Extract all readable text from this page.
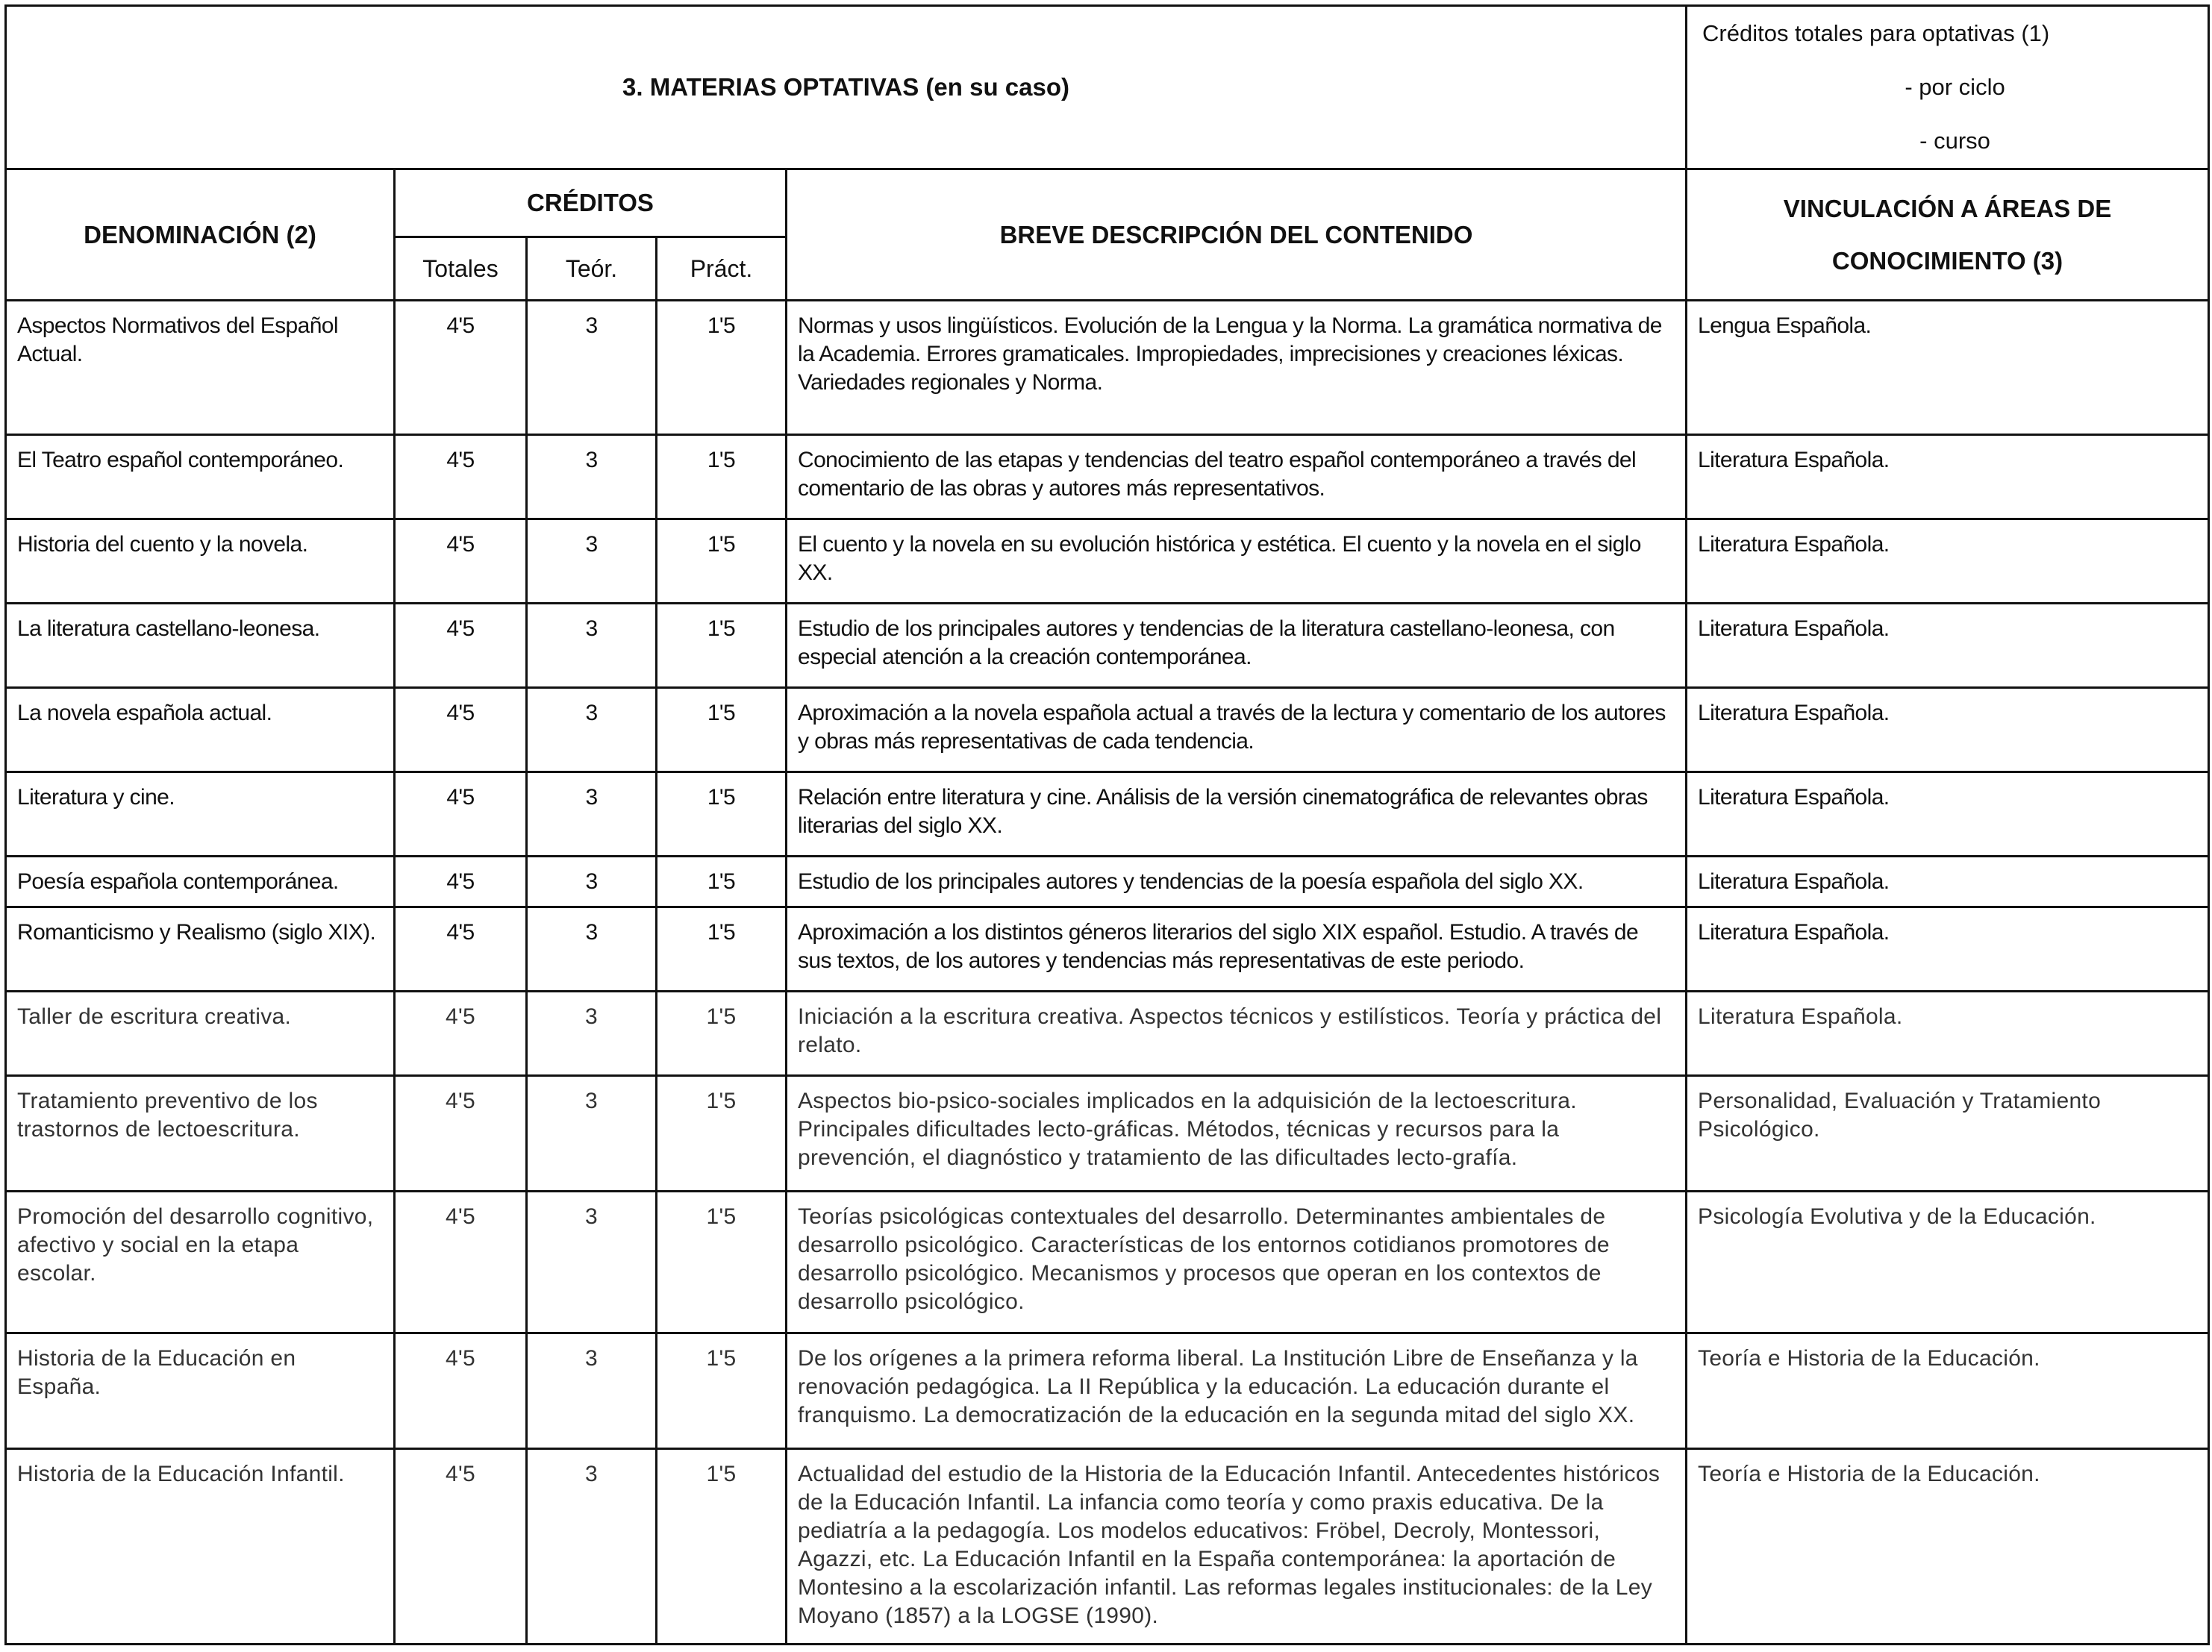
3. MATERIAS OPTATIVAS (en su caso)					Créditos totales para optativas (1)
- por ciclo
- curso

DENOMINACIÓN (2)	CRÉDITOS			BREVE DESCRIPCIÓN DEL CONTENIDO	VINCULACIÓN A ÁREAS DE
CONOCIMIENTO (3)

	Totales	Teór.	Práct.		
Aspectos Normativos del Español Actual.	4'5	3	1'5	Normas y usos lingüísticos. Evolución de la Lengua y la Norma. La gramática normativa de la Academia. Errores gramaticales. Impropiedades, imprecisiones y creaciones léxicas. Variedades regionales y Norma.	Lengua Española.
El Teatro español contemporáneo.	4'5	3	1'5	Conocimiento de las etapas y tendencias del teatro español contemporáneo a través del comentario de las obras y autores más representativos.	Literatura Española.
Historia del cuento y la novela.	4'5	3	1'5	El cuento y la novela en su evolución histórica y estética. El cuento y la novela en el siglo XX.	Literatura Española.
La literatura castellano-leonesa.	4'5	3	1'5	Estudio de los principales autores y tendencias de la literatura castellano-leonesa, con especial atención a la creación contemporánea.	Literatura Española.
La novela española actual.	4'5	3	1'5	Aproximación a la novela española actual a través de la lectura y comentario de los autores y obras más representativas de cada tendencia.	Literatura Española.
Literatura y cine.	4'5	3	1'5	Relación entre literatura y cine. Análisis de la versión cinematográfica de relevantes obras literarias del siglo XX.	Literatura Española.
Poesía española contemporánea.	4'5	3	1'5	Estudio de los principales autores y tendencias de la poesía española del siglo XX.	Literatura Española.
Romanticismo y Realismo (siglo XIX).	4'5	3	1'5	Aproximación a los distintos géneros literarios del siglo XIX español. Estudio. A través de sus textos, de los autores y tendencias más representativas de este periodo.	Literatura Española.
Taller de escritura creativa.	4'5	3	1'5	Iniciación a la escritura creativa. Aspectos técnicos y estilísticos. Teoría y práctica del relato.	Literatura Española.
Tratamiento preventivo de los trastornos de lectoescritura.	4'5	3	1'5	Aspectos bio-psico-sociales implicados en la adquisición de la lectoescritura. Principales dificultades lecto-gráficas. Métodos, técnicas y recursos para la prevención, el diagnóstico y tratamiento de las dificultades lecto-grafía.	Personalidad, Evaluación y Tratamiento Psicológico.
Promoción del desarrollo cognitivo, afectivo y social en la etapa escolar.	4'5	3	1'5	Teorías psicológicas contextuales del desarrollo. Determinantes ambientales de desarrollo psicológico. Características de los entornos cotidianos promotores de desarrollo psicológico. Mecanismos y procesos que operan en los contextos de desarrollo psicológico.	Psicología Evolutiva y de la Educación.
Historia de la Educación en España.	4'5	3	1'5	De los orígenes a la primera reforma liberal. La Institución Libre de Enseñanza y la renovación pedagógica. La II República y la educación. La educación durante el franquismo. La democratización de la educación en la segunda mitad del siglo XX.	Teoría e Historia de la Educación.
Historia de la Educación Infantil.	4'5	3	1'5	Actualidad del estudio de la Historia de la Educación Infantil. Antecedentes históricos de la Educación Infantil. La infancia como teoría y como praxis educativa. De la pediatría a la pedagogía. Los modelos educativos: Fröbel, Decroly, Montessori, Agazzi, etc. La Educación Infantil en la España contemporánea: la aportación de Montesino a la escolarización infantil. Las reformas legales institucionales: de la Ley Moyano (1857) a la LOGSE (1990).	Teoría e Historia de la Educación.
